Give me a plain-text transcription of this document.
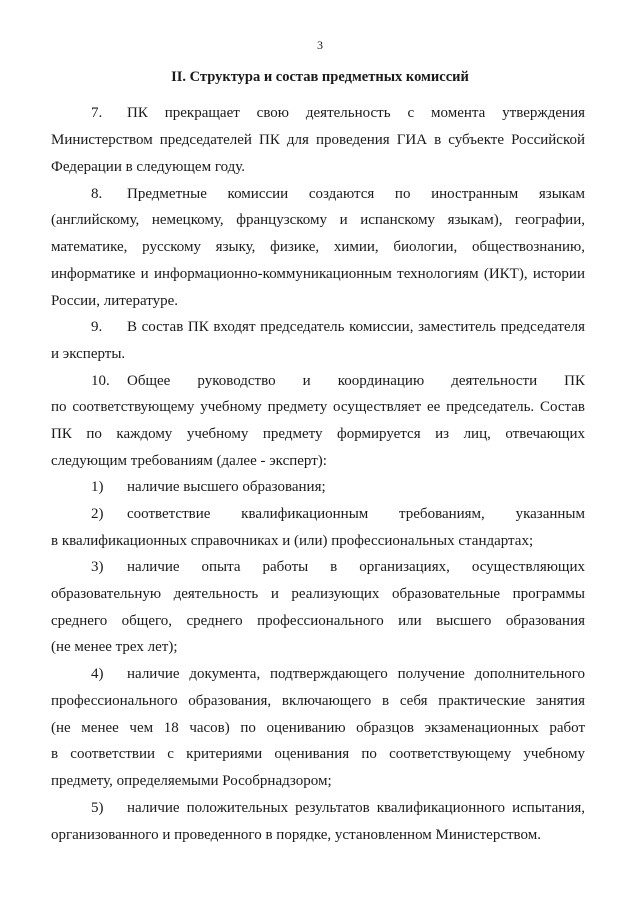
3
II. Структура и состав предметных комиссий
7. ПК прекращает свою деятельность с момента утверждения
Министерством председателей ПК для проведения ГИА в субъекте Российской
Федерации в следующем году.
8. Предметные комиссии создаются по иностранным языкам
(английскому, немецкому, французскому и испанскому языкам), географии,
математике, русскому языку, физике, химии, биологии, обществознанию,
информатике и информационно-коммуникационным технологиям (ИКТ), истории
России, литературе.
9. В состав ПК входят председатель комиссии, заместитель председателя
и эксперты.
10. Общее руководство и координацию деятельности ПК
по соответствующему учебному предмету осуществляет ее председатель. Состав
ПК по каждому учебному предмету формируется из лиц, отвечающих
следующим требованиям (далее - эксперт):
1) наличие высшего образования;
2) соответствие квалификационным требованиям, указанным
в квалификационных справочниках и (или) профессиональных стандартах;
3) наличие опыта работы в организациях, осуществляющих
образовательную деятельность и реализующих образовательные программы
среднего общего, среднего профессионального или высшего образования
(не менее трех лет);
4) наличие документа, подтверждающего получение дополнительного
профессионального образования, включающего в себя практические занятия
(не менее чем 18 часов) по оцениванию образцов экзаменационных работ
в соответствии с критериями оценивания по соответствующему учебному
предмету, определяемыми Рособрнадзором;
5) наличие положительных результатов квалификационного испытания,
организованного и проведенного в порядке, установленном Министерством.
